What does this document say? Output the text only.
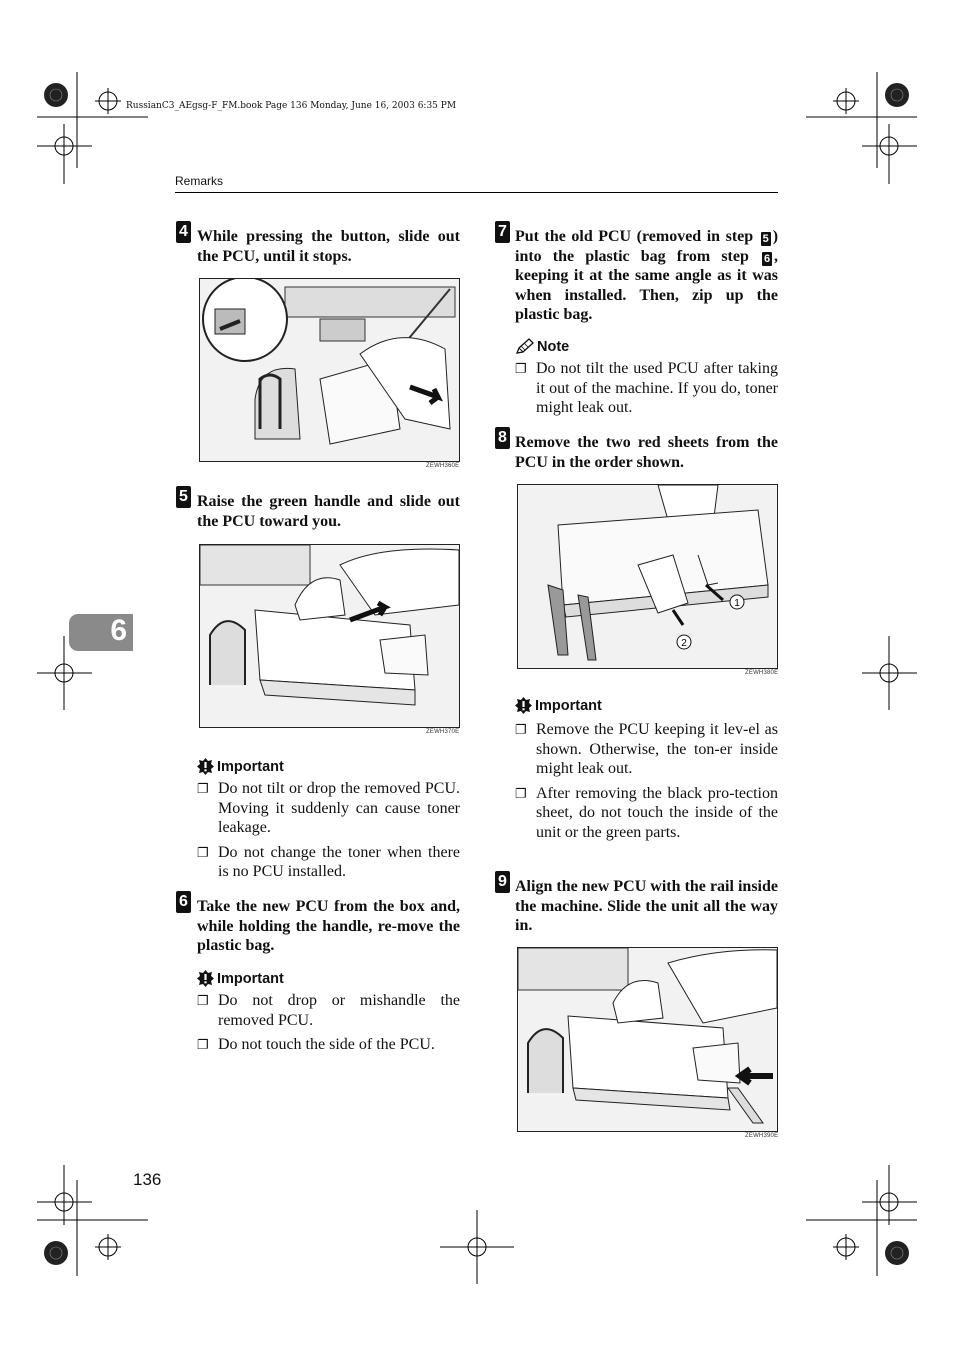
RussianC3_AEgsg-F_FM.book Page 136 Monday, June 16, 2003 6:35 PM
Remarks
6
136
4 While pressing the button, slide out the PCU, until it stops.
ZEWH360E
5 Raise the green handle and slide out the PCU toward you.
ZEWH370E
Important
❐ Do not tilt or drop the removed PCU. Moving it suddenly can cause toner leakage.
❐ Do not change the toner when there is no PCU installed.
6 Take the new PCU from the box and, while holding the handle, re-move the plastic bag.
Important
❐ Do not drop or mishandle the removed PCU.
❐ Do not touch the side of the PCU.
7 Put the old PCU (removed in step 5 ) into the plastic bag from step 6 , keeping it at the same angle as it was when installed. Then, zip up the plastic bag.
Note
❐ Do not tilt the used PCU after taking it out of the machine. If you do, toner might leak out.
8 Remove the two red sheets from the PCU in the order shown.
1
2
ZEWH380E
Important
❐ Remove the PCU keeping it lev-el as shown. Otherwise, the ton-er inside might leak out.
❐ After removing the black pro-tection sheet, do not touch the inside of the unit or the green parts.
9 Align the new PCU with the rail inside the machine. Slide the unit all the way in.
ZEWH390E
